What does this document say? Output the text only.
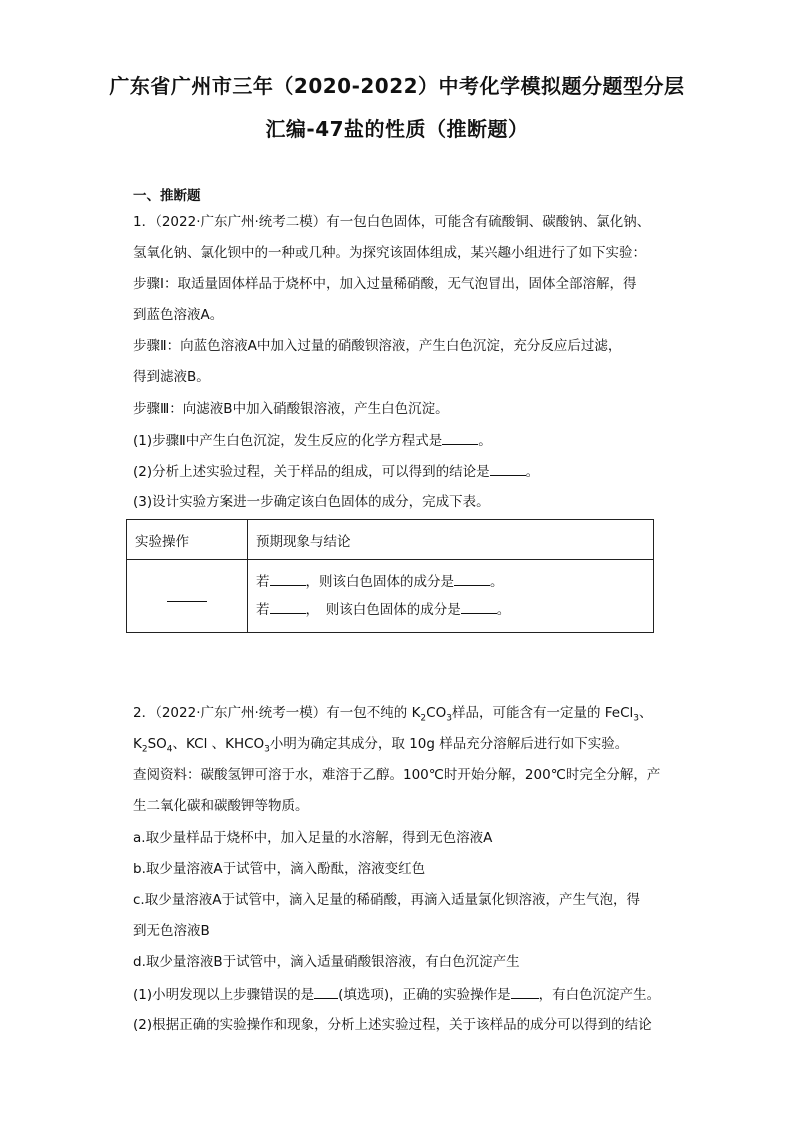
广东省广州市三年（2020-2022）中考化学模拟题分题型分层
汇编-47盐的性质（推断题）
一、推断题
1．（2022·广东广州·统考二模）有一包白色固体，可能含有硫酸铜、碳酸钠、氯化钠、
氢氧化钠、氯化钡中的一种或几种。为探究该固体组成，某兴趣小组进行了如下实验：
步骤Ⅰ：取适量固体样品于烧杯中，加入过量稀硝酸，无气泡冒出，固体全部溶解，得
到蓝色溶液A。
步骤Ⅱ：向蓝色溶液A中加入过量的硝酸钡溶液，产生白色沉淀，充分反应后过滤，
得到滤液B。
步骤Ⅲ：向滤液B中加入硝酸银溶液，产生白色沉淀。
(1)步骤Ⅱ中产生白色沉淀，发生反应的化学方程式是	。
(2)分析上述实验过程，关于样品的组成，可以得到的结论是	。
(3)设计实验方案进一步确定该白色固体的成分，完成下表。
实验操作	预期现象与结论

	若 ，则该白色固体的成分是 。
若 ，　则该白色固体的成分是 。
2．（2022·广东广州·统考一模）有一包不纯的 $K_2CO_3$样品，可能含有一定量的 FeCl$_3$、
$K_2SO_4$、KCl 、$KHCO_3$小明为确定其成分，取 10g 样品充分溶解后进行如下实验。
查阅资料：碳酸氢钾可溶于水，难溶于乙醇。100℃时开始分解，200℃时完全分解，产
生二氧化碳和碳酸钾等物质。
a.取少量样品于烧杯中，加入足量的水溶解，得到无色溶液A
b.取少量溶液A于试管中，滴入酚酞，溶液变红色
c.取少量溶液A于试管中，滴入足量的稀硝酸，再滴入适量氯化钡溶液，产生气泡，得
到无色溶液B
d.取少量溶液B于试管中，滴入适量硝酸银溶液，有白色沉淀产生
(1)小明发现以上步骤错误的是 (填选项)，正确的实验操作是 ，有白色沉淀产生。
(2)根据正确的实验操作和现象，分析上述实验过程，关于该样品的成分可以得到的结论
